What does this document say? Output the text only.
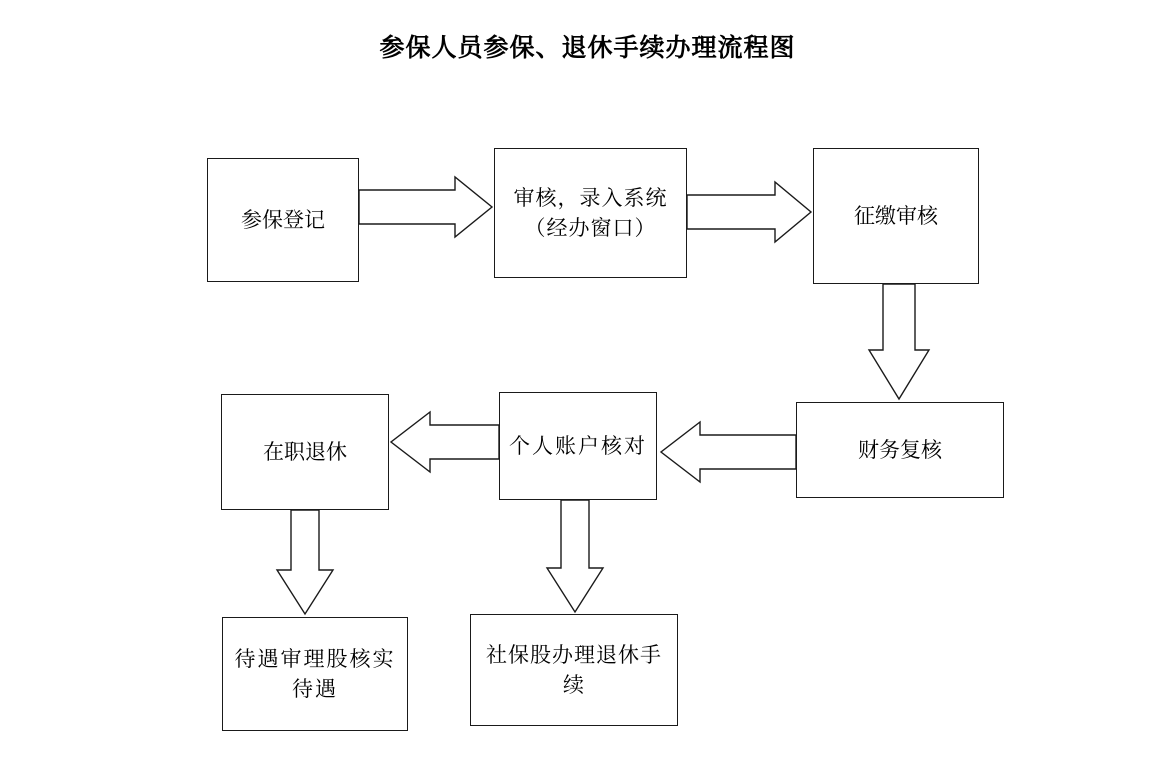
参保人员参保、退休手续办理流程图
参保登记
审核，录入系统（经办窗口）
征缴审核
财务复核
个人账户核对
在职退休
待遇审理股核实待遇
社保股办理退休手续
